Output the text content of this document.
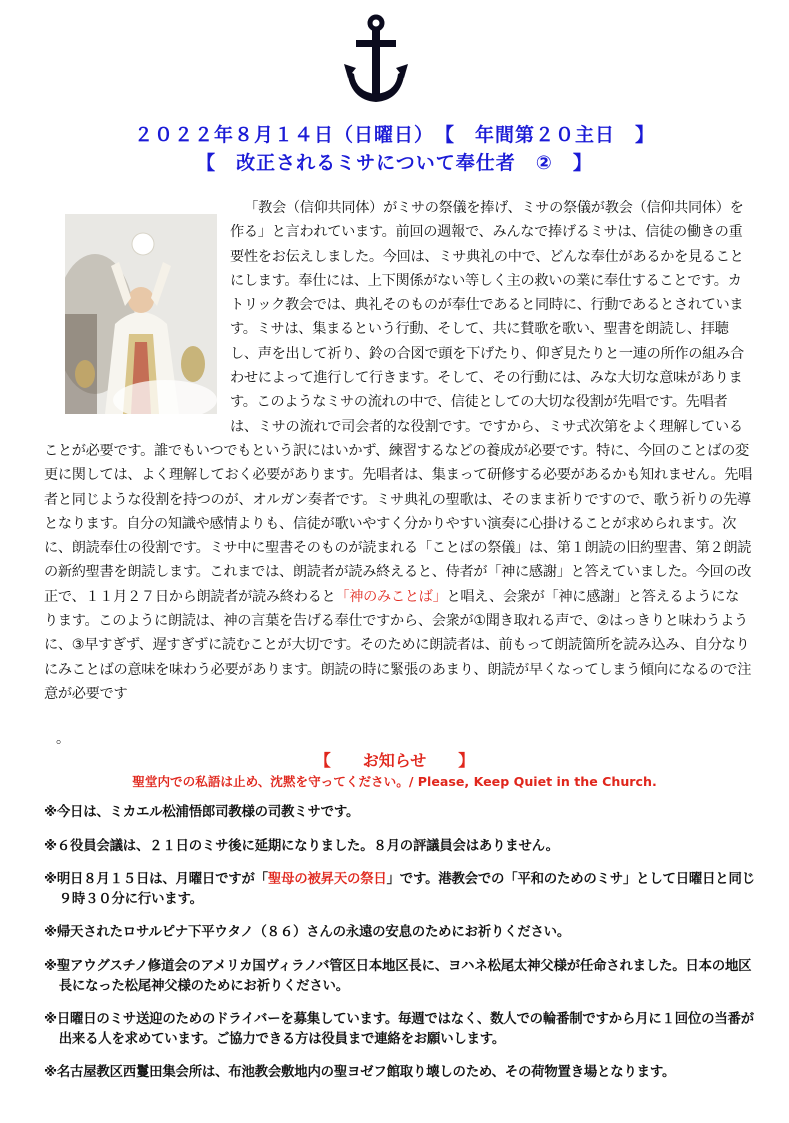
２０２２年８月１４日（日曜日）　【　年間第２０主日　】
【　改正されるミサについて奉仕者　②　】

「教会（信仰共同体）がミサの祭儀を捧げ、ミサの祭儀が教会（信仰共同体）を作る」と言われています。前回の週報で、みんなで捧げるミサは、信徒の働きの重要性をお伝えしました。今回は、ミサ典礼の中で、どんな奉仕があるかを見ることにします。奉仕には、上下関係がない等しく主の救いの業に奉仕することです。カトリック教会では、典礼そのものが奉仕であると同時に、行動であるとされています。ミサは、集まるという行動、そして、共に賛歌を歌い、聖書を朗読し、拝聴し、声を出して祈り、鈴の合図で頭を下げたり、仰ぎ見たりと一連の所作の組み合わせによって進行して行きます。そして、その行動には、みな大切な意味があります。このようなミサの流れの中で、信徒としての大切な役割が先唱です。先唱者は、ミサの流れで司会者的な役割です。ですから、ミサ式次第をよく理解していることが必要です。誰でもいつでもという訳にはいかず、練習するなどの養成が必要です。特に、今回のことばの変更に関しては、よく理解しておく必要があります。先唱者は、集まって研修する必要があるかも知れません。先唱者と同じような役割を持つのが、オルガン奏者です。ミサ典礼の聖歌は、そのまま祈りですので、歌う祈りの先導となります。自分の知識や感情よりも、信徒が歌いやすく分かりやすい演奏に心掛けることが求められます。次に、朗読奉仕の役割です。ミサ中に聖書そのものが読まれる「ことばの祭儀」は、第１朗読の旧約聖書、第２朗読の新約聖書を朗読します。これまでは、朗読者が読み終えると、侍者が「神に感謝」と答えていました。今回の改正で、１１月２７日から朗読者が読み終わると「神のみことば」と唱え、会衆が「神に感謝」と答えるようになります。このように朗読は、神の言葉を告げる奉仕ですから、会衆が①聞き取れる声で、②はっきりと味わうように、③早すぎず、遅すぎずに読むことが大切です。そのために朗読者は、前もって朗読箇所を読み込み、自分なりにみことばの意味を味わう必要があります。朗読の時に緊張のあまり、朗読が早くなってしまう傾向になるので注意が必要です

。
【　　お知らせ　　】
聖堂内での私語は止め、沈黙を守ってください。/ Please, Keep Quiet in the Church.
※今日は、ミカエル松浦悟郎司教様の司教ミサです。
※６役員会議は、２１日のミサ後に延期になりました。８月の評議員会はありません。
※明日８月１５日は、月曜日ですが「聖母の被昇天の祭日」です。港教会での「平和のためのミサ」として日曜日と同じ９時３０分に行います。
※帰天されたロサルピナ下平ウタノ（８６）さんの永遠の安息のためにお祈りください。
※聖アウグスチノ修道会のアメリカ国ヴィラノバ管区日本地区長に、ヨハネ松尾太神父様が任命されました。日本の地区長になった松尾神父様のためにお祈りください。
※日曜日のミサ送迎のためのドライバーを募集しています。毎週ではなく、数人での輪番制ですから月に１回位の当番が出来る人を求めています。ご協力できる方は役員まで連絡をお願いします。
※名古屋教区西鬘田集会所は、布池教会敷地内の聖ヨゼフ館取り壊しのため、その荷物置き場となります。
